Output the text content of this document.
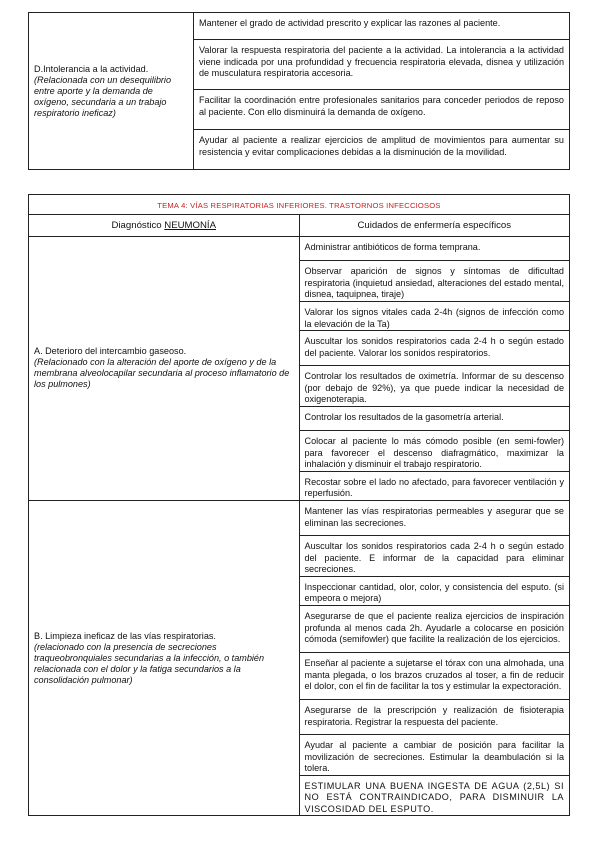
D.Intolerancia a la actividad.
(Relacionada con un desequilibrio entre aporte y la demanda de oxígeno, secundaria a un trabajo respiratorio ineficaz)
	Mantener el grado de actividad prescrito y explicar las razones al paciente.
Valorar la respuesta respiratoria del paciente a la actividad. La intolerancia a la actividad viene indicada por una profundidad y frecuencia respiratoria elevada, disnea y utilización de musculatura respiratoria accesoria.
Facilitar la coordinación entre profesionales sanitarios para conceder periodos de reposo al paciente. Con ello disminuirá la demanda de oxígeno.
Ayudar al paciente a realizar ejercicios de amplitud de movimientos para aumentar su resistencia y evitar complicaciones debidas a la disminución de la movilidad.
TEMA 4: VÍAS RESPIRATORIAS INFERIORES. TRASTORNOS INFECCIOSOS	
Diagnóstico NEUMONÍA	Cuidados de enfermería específicos

A. Deterioro del intercambio gaseoso.
(Relacionado con la alteración del aporte de oxígeno y de la membrana alveolocapilar secundaria al proceso inflamatorio de los pulmones)	Administrar antibióticos de forma temprana.
	Observar aparición de signos y síntomas de dificultad respiratoria (inquietud ansiedad, alteraciones del estado mental, disnea, taquipnea, tiraje)
	Valorar los signos vitales cada 2-4h (signos de infección como la elevación de la Ta)
	Auscultar los sonidos respiratorios cada 2-4 h o según estado del paciente. Valorar los sonidos respiratorios.
	Controlar los resultados de oximetría. Informar de su descenso (por debajo de 92%), ya que puede indicar la necesidad de oxigenoterapia.
	Controlar los resultados de la gasometría arterial.
	Colocar al paciente lo más cómodo posible (en semi-fowler) para favorecer el descenso diafragmático, maximizar la inhalación y disminuir el trabajo respiratorio.
	Recostar sobre el lado no afectado, para favorecer ventilación y reperfusión.

B. Limpieza ineficaz de las vías respiratorias.
(relacionado con la presencia de secreciones traqueobronquiales secundarias a la infección, o también relacionada con el dolor y la fatiga secundarios a la consolidación pulmonar)	Mantener las vías respiratorias permeables y asegurar que se eliminan las secreciones.
	Auscultar los sonidos respiratorios cada 2-4 h o según estado del paciente. E informar de la capacidad para eliminar secreciones.
	Inspeccionar cantidad, olor, color, y consistencia del esputo. (si empeora o mejora)
	Asegurarse de que el paciente realiza ejercicios de inspiración profunda al menos cada 2h. Ayudarle a colocarse en posición cómoda (semifowler) que facilite la realización de los ejercicios.
	Enseñar al paciente a sujetarse el tórax con una almohada, una manta plegada, o los brazos cruzados al toser, a fin de reducir el dolor, con el fin de facilitar la tos y estimular la expectoración.
	Asegurarse de la prescripción y realización de fisioterapia respiratoria. Registrar la respuesta del paciente.
	Ayudar al paciente a cambiar de posición para facilitar la movilización de secreciones. Estimular la deambulación si la tolera.
	ESTIMULAR UNA BUENA INGESTA DE AGUA (2,5L) SI NO ESTÁ CONTRAINDICADO, PARA DISMINUIR LA VISCOSIDAD DEL ESPUTO.
